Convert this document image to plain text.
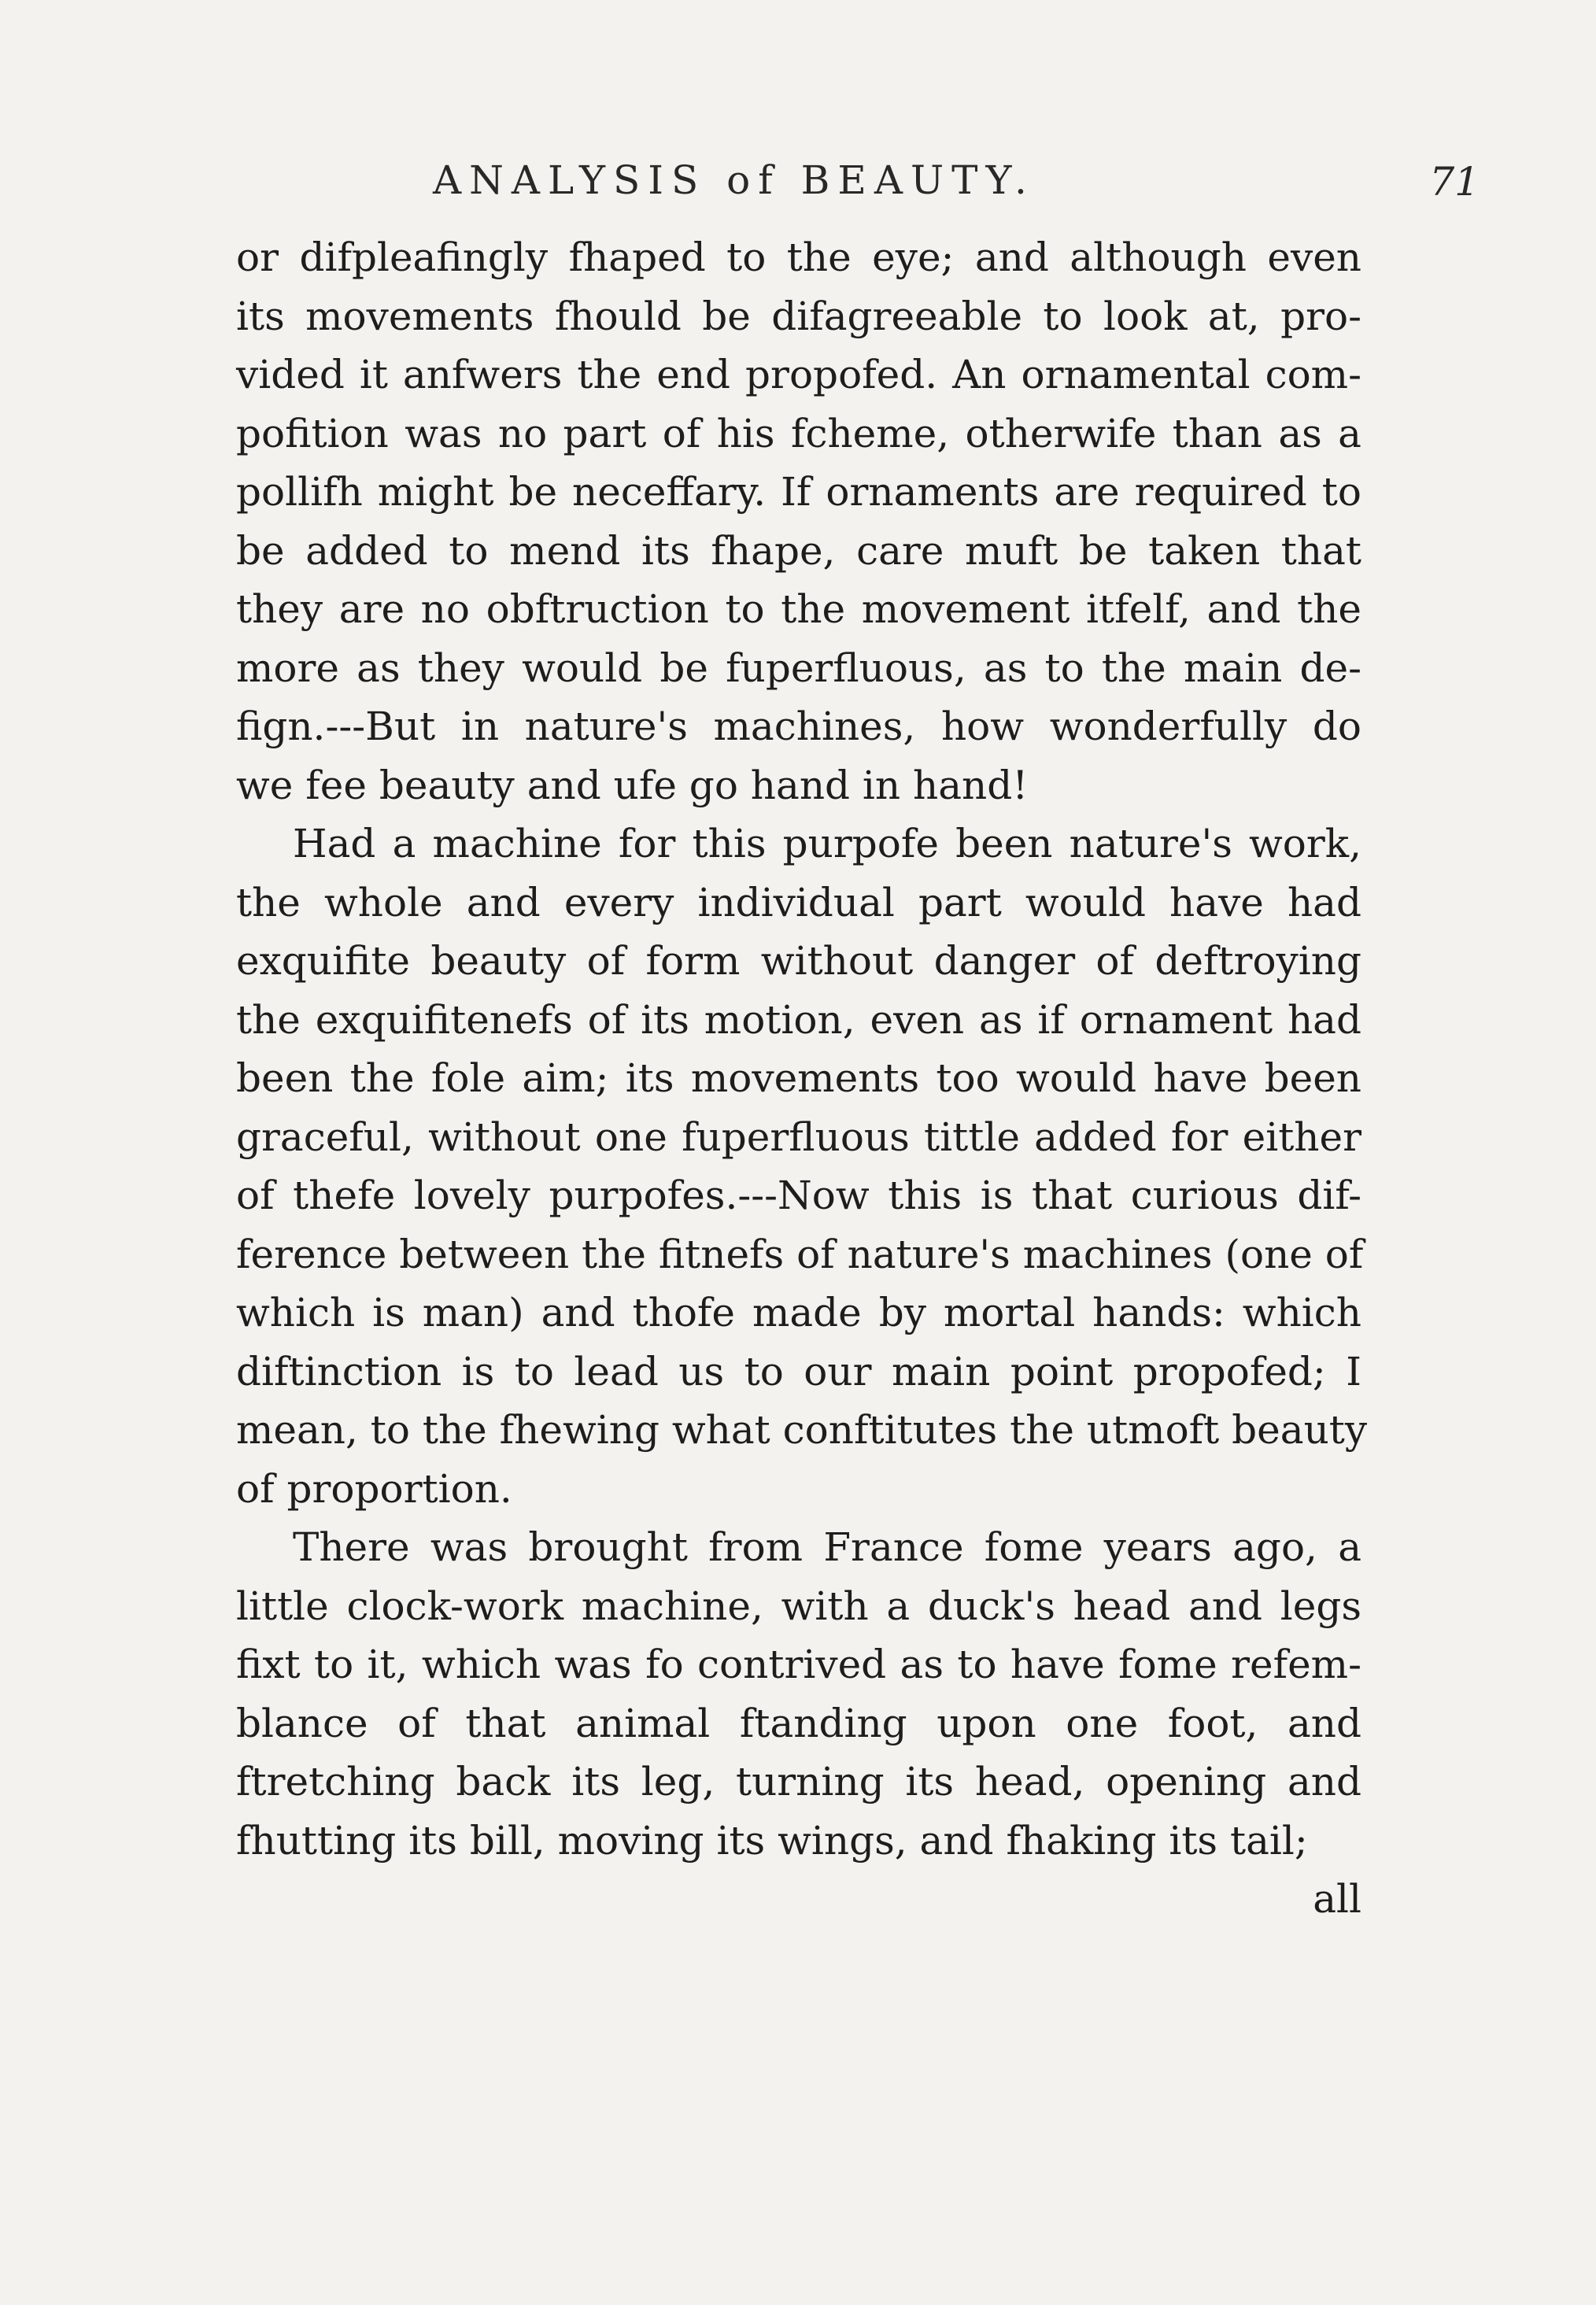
ANALYSIS of BEAUTY.	71
or difpleafingly fhaped to the eye; and although even
its movements fhould be difagreeable to look at, pro-
vided it anfwers the end propofed. An ornamental com-
pofition was no part of his fcheme, otherwife than as a
pollifh might be neceffary. If ornaments are required to
be added to mend its fhape, care muft be taken that
they are no obftruction to the movement itfelf, and the
more as they would be fuperfluous, as to the main de-
fign.---But in nature's machines, how wonderfully do
we fee beauty and ufe go hand in hand!
Had a machine for this purpofe been nature's work,
the whole and every individual part would have had
exquifite beauty of form without danger of deftroying
the exquifitenefs of its motion, even as if ornament had
been the fole aim; its movements too would have been
graceful, without one fuperfluous tittle added for either
of thefe lovely purpofes.---Now this is that curious dif-
ference between the fitnefs of nature's machines (one of
which is man) and thofe made by mortal hands: which
diftinction is to lead us to our main point propofed; I
mean, to the fhewing what conftitutes the utmoft beauty
of proportion.
There was brought from France fome years ago, a
little clock-work machine, with a duck's head and legs
fixt to it, which was fo contrived as to have fome refem-
blance of that animal ftanding upon one foot, and
ftretching back its leg, turning its head, opening and
fhutting its bill, moving its wings, and fhaking its tail;
all
